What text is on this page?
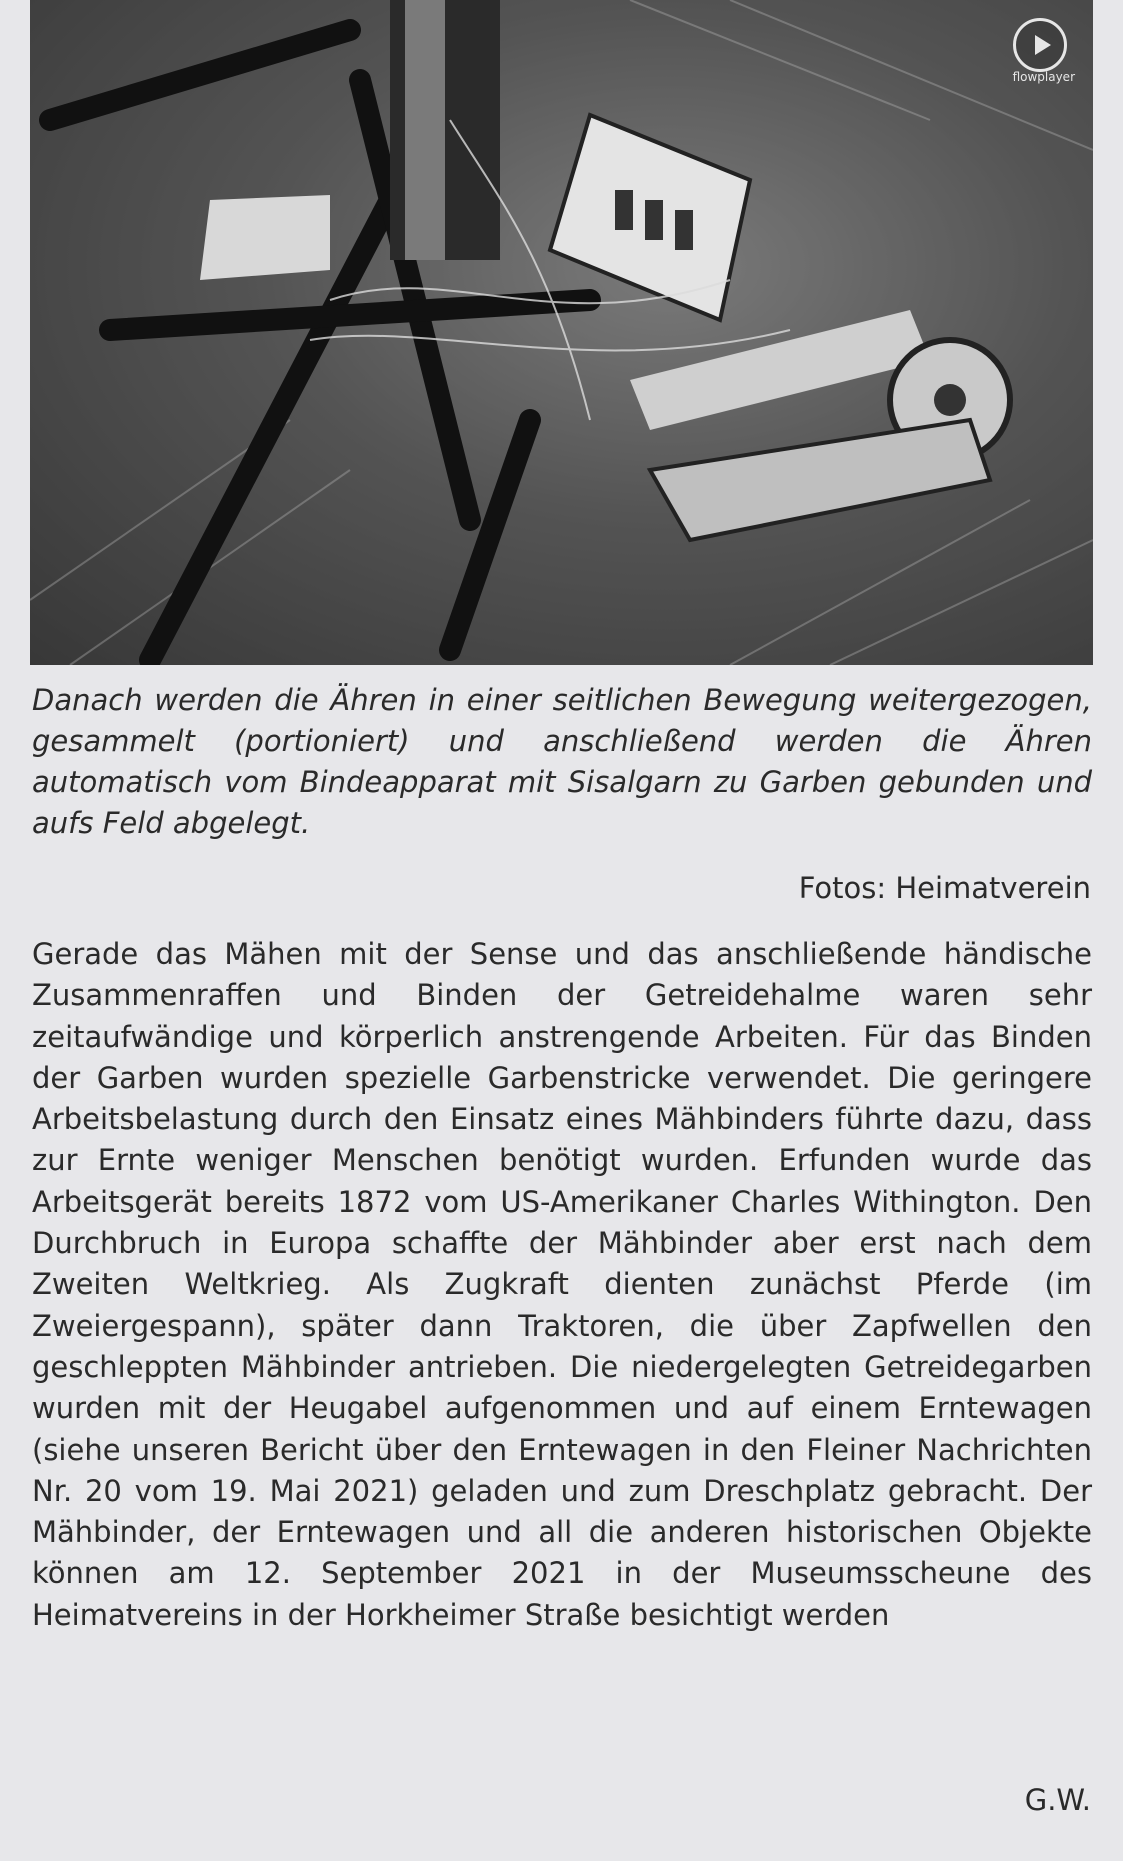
flowplayer

Danach werden die Ähren in einer seitlichen Bewegung weitergezogen, gesammelt (portioniert) und anschließend werden die Ähren automatisch vom Bindeapparat mit Sisalgarn zu Garben gebunden und aufs Feld abgelegt.

Fotos: Heimatverein

Gerade das Mähen mit der Sense und das anschließende händische Zusammenraffen und Binden der Getreidehalme waren sehr zeitaufwändige und körperlich anstrengende Arbeiten. Für das Binden der Garben wurden spezielle Garbenstricke verwendet. Die geringere Arbeitsbelastung durch den Einsatz eines Mähbinders führte dazu, dass zur Ernte weniger Menschen benötigt wurden. Erfunden wurde das Arbeitsgerät bereits 1872 vom US-Amerikaner Charles Withington. Den Durchbruch in Europa schaffte der Mähbinder aber erst nach dem Zweiten Weltkrieg. Als Zugkraft dienten zunächst Pferde (im Zweiergespann), später dann Traktoren, die über Zapfwellen den geschleppten Mähbinder antrieben. Die niedergelegten Getreidegarben wurden mit der Heugabel aufgenommen und auf einem Erntewagen (siehe unseren Bericht über den Erntewagen in den Fleiner Nachrichten Nr. 20 vom 19. Mai 2021) geladen und zum Dreschplatz gebracht. Der Mähbinder, der Erntewagen und all die anderen historischen Objekte können am 12. September 2021 in der Museumsscheune des Heimatvereins in der Horkheimer Straße besichtigt werden

G.W.
